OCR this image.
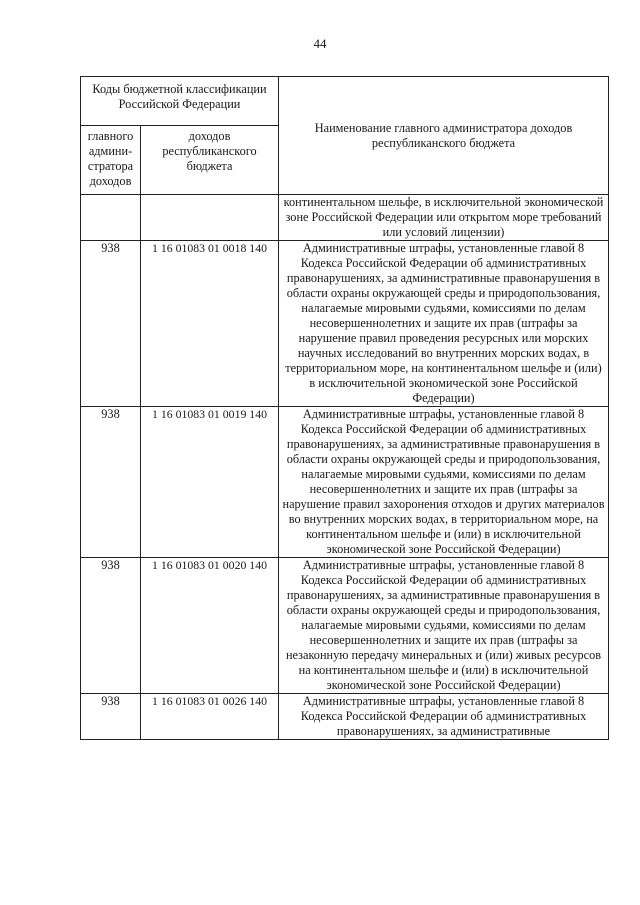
44
Коды бюджетной классификации Российской Федерации		Наименование главного администратора доходов республиканского бюджета
главного админи-стратора доходов	доходов республиканского бюджета	
		континентальном шельфе, в исключительной экономической зоне Российской Федерации или открытом море требований или условий лицензии)
938	1 16 01083 01 0018 140	Административные штрафы, установленные главой 8 Кодекса Российской Федерации об административных правонарушениях, за административные правонарушения в области охраны окружающей среды и природопользования, налагаемые мировыми судьями, комиссиями по делам несовершеннолетних и защите их прав (штрафы за нарушение правил проведения ресурсных или морских научных исследований во внутренних морских водах, в территориальном море, на континентальном шельфе и (или) в исключительной экономической зоне Российской Федерации)
938	1 16 01083 01 0019 140	Административные штрафы, установленные главой 8 Кодекса Российской Федерации об административных правонарушениях, за административные правонарушения в области охраны окружающей среды и природопользования, налагаемые мировыми судьями, комиссиями по делам несовершеннолетних и защите их прав (штрафы за нарушение правил захоронения отходов и других материалов во внутренних морских водах, в территориальном море, на континентальном шельфе и (или) в исключительной экономической зоне Российской Федерации)
938	1 16 01083 01 0020 140	Административные штрафы, установленные главой 8 Кодекса Российской Федерации об административных правонарушениях, за административные правонарушения в области охраны окружающей среды и природопользования, налагаемые мировыми судьями, комиссиями по делам несовершеннолетних и защите их прав (штрафы за незаконную передачу минеральных и (или) живых ресурсов на континентальном шельфе и (или) в исключительной экономической зоне Российской Федерации)
938	1 16 01083 01 0026 140	Административные штрафы, установленные главой 8 Кодекса Российской Федерации об административных правонарушениях, за административные
